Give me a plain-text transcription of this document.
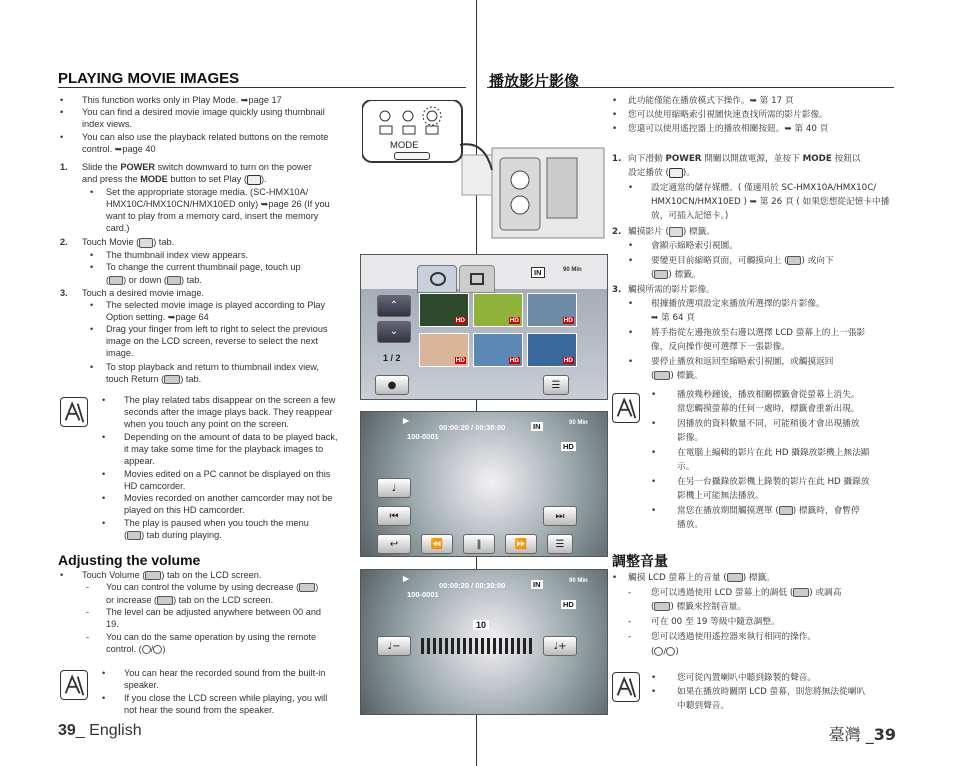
PLAYING MOVIE IMAGES
• This function works only in Play Mode. ➥page 17
• You can find a desired movie image quickly using thumbnail
index views.
• You can also use the playback related buttons on the remote
control. ➥page 40
1. Slide the POWER switch downward to turn on the power
and press the MODE button to set Play ( ).
• Set the appropriate storage media. (SC-HMX10A/
HMX10C/HMX10CN/HMX10ED only) ➥page 26 (If you
want to play from a memory card, insert the memory
card.)
2. Touch Movie ( ) tab.
• The thumbnail index view appears.
• To change the current thumbnail page, touch up
( ) or down ( ) tab.
3. Touch a desired movie image.
• The selected movie image is played according to Play
Option setting. ➥page 64
• Drag your finger from left to right to select the previous
image on the LCD screen, reverse to select the next
image.
• To stop playback and return to thumbnail index view,
touch Return ( ) tab.
• The play related tabs disappear on the screen a few
seconds after the image plays back. They reappear
when you touch any point on the screen.
• Depending on the amount of data to be played back,
it may take some time for the playback images to
appear.
• Movies edited on a PC cannot be displayed on this
HD camcorder.
• Movies recorded on another camcorder may not be
played on this HD camcorder.
• The play is paused when you touch the menu
( ) tab during playing.
Adjusting the volume
• Touch Volume ( ) tab on the LCD screen.
- You can control the volume by using decrease ( )
or increase ( ) tab on the LCD screen.
- The level can be adjusted anywhere between 00 and
19.
- You can do the same operation by using the remote
control. ( / )
• You can hear the recorded sound from the built-in
speaker.
• If you close the LCD screen while playing, you will
not hear the sound from the speaker.
39_ English
MODE
IN	90 Min
⌃
⌄
1 / 2
HD	HD	HD
HD	HD	HD
●	☰
▶
00:00:20 / 00:30:00
100-0001
IN	90 Min
HD
♩
⏮	⏭
↩	⏪	‖	⏩	☰
▶
00:00:20 / 00:30:00
100-0001
IN	90 Min
HD
10
♩−	♩+
播放影片影像
• 此功能僅能在播放模式下操作。➥ 第 17 頁
• 您可以使用縮略索引視圖快速查找所需的影片影像。
• 您還可以使用遙控器上的播放相關按鈕。➥ 第 40 頁
1. 向下滑動 POWER 開關以開啟電源，並按下 MODE 按鈕以
設定播放 ( )。
• 設定適當的儲存媒體。( 僅適用於 SC-HMX10A/HMX10C/
HMX10CN/HMX10ED ) ➥ 第 26 頁 ( 如果您想從記憶卡中播
放，可插入記憶卡。)
2. 觸摸影片 ( ) 標籤。
• 會顯示縮略索引視圖。
• 要變更目前縮略頁面，可觸摸向上 ( ) 或向下
( ) 標籤。
3. 觸摸所需的影片影像。
• 根據播放選項設定來播放所選擇的影片影像。
➥ 第 64 頁
• 將手指從左邊拖放至右邊以選擇 LCD 螢幕上的上一張影
像，反向操作便可選擇下一張影像。
• 要停止播放和返回至縮略索引視圖，或觸摸返回
( ) 標籤。
• 播放幾秒鐘後，播放相關標籤會從螢幕上消失。
當您觸摸螢幕的任何一處時，標籤會重新出現。
• 因播放的資料數量不同，可能稍後才會出現播放
影像。
• 在電腦上編輯的影片在此 HD 攝錄放影機上無法顯
示。
• 在另一台攝錄放影機上錄製的影片在此 HD 攝錄放
影機上可能無法播放。
• 當您在播放期間觸摸選單 ( ) 標籤時，會暫停
播放。
調整音量
• 觸摸 LCD 螢幕上的音量 ( ) 標籤。
- 您可以透過使用 LCD 螢幕上的調低 ( ) 或調高
( ) 標籤來控制音量。
- 可在 00 至 19 等級中隨意調整。
- 您可以透過使用遙控器來執行相同的操作。
( / )
• 您可從內置喇叭中聽到錄製的聲音。
• 如果在播放時關閉 LCD 螢幕，則您將無法從喇叭
中聽到聲音。
臺灣 _39
